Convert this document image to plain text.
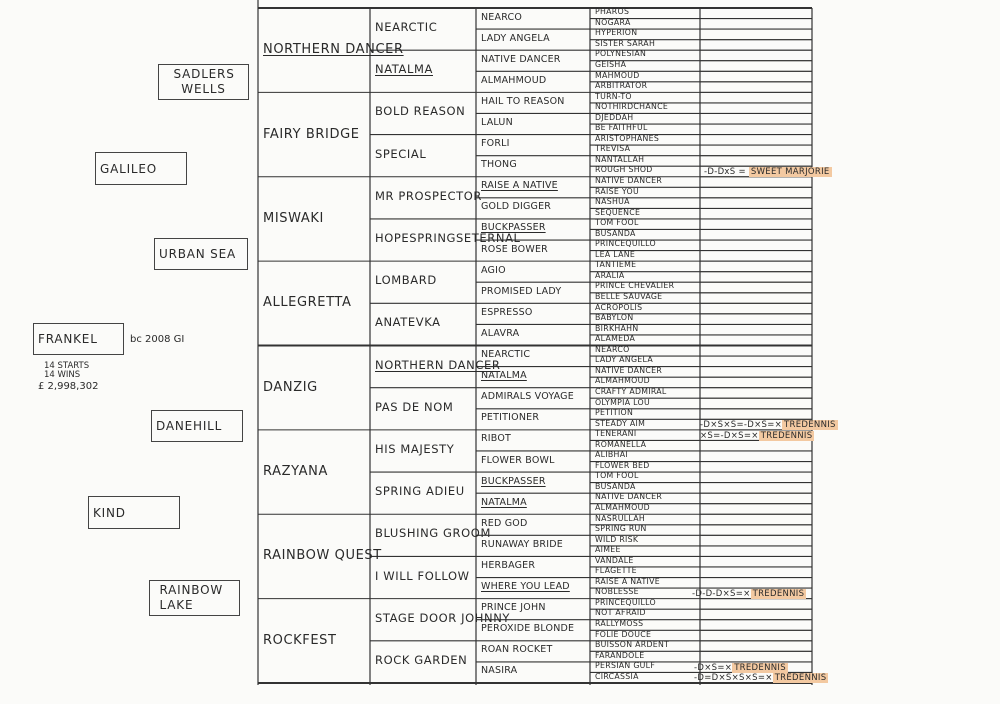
FRANKEL	bc 2008 GI
14 STARTS
14 WINS
£ 2,998,302
GALILEO
KIND
SADLERS WELLS
URBAN SEA
DANEHILL
RAINBOW LAKE
NORTHERN DANCER
FAIRY BRIDGE
MISWAKI
ALLEGRETTA
DANZIG
RAZYANA
RAINBOW QUEST
ROCKFEST
NEARCTIC
NATALMA
BOLD REASON
SPECIAL
MR PROSPECTOR
HOPESPRINGSETERNAL
LOMBARD
ANATEVKA
NORTHERN DANCER
PAS DE NOM
HIS MAJESTY
SPRING ADIEU
BLUSHING GROOM
I WILL FOLLOW
STAGE DOOR JOHNNY
ROCK GARDEN
NEARCO
LADY ANGELA
NATIVE DANCER
ALMAHMOUD
HAIL TO REASON
LALUN
FORLI
THONG
RAISE A NATIVE
GOLD DIGGER
BUCKPASSER
ROSE BOWER
AGIO
PROMISED LADY
ESPRESSO
ALAVRA
NEARCTIC
NATALMA
ADMIRALS VOYAGE
PETITIONER
RIBOT
FLOWER BOWL
BUCKPASSER
NATALMA
RED GOD
RUNAWAY BRIDE
HERBAGER
WHERE YOU LEAD
PRINCE JOHN
PEROXIDE BLONDE
ROAN ROCKET
NASIRA
PHAROS
NOGARA
HYPERION
SISTER SARAH
POLYNESIAN
GEISHA
MAHMOUD
ARBITRATOR
TURN-TO
NOTHIRDCHANCE
DJEDDAH
BE FAITHFUL
ARISTOPHANES
TREVISA
NANTALLAH
ROUGH SHOD
NATIVE DANCER
RAISE YOU
NASHUA
SEQUENCE
TOM FOOL
BUSANDA
PRINCEQUILLO
LEA LANE
TANTIEME
ARALIA
PRINCE CHEVALIER
BELLE SAUVAGE
ACROPOLIS
BABYLON
BIRKHAHN
ALAMEDA
NEARCO
LADY ANGELA
NATIVE DANCER
ALMAHMOUD
CRAFTY ADMIRAL
OLYMPIA LOU
PETITION
STEADY AIM
TENERANI
ROMANELLA
ALIBHAI
FLOWER BED
TOM FOOL
BUSANDA
NATIVE DANCER
ALMAHMOUD
NASRULLAH
SPRING RUN
WILD RISK
AIMEE
VANDALE
FLAGETTE
RAISE A NATIVE
NOBLESSE
PRINCEQUILLO
NOT AFRAID
RALLYMOSS
FOLIE DOUCE
BUISSON ARDENT
FARANDOLE
PERSIAN GULF
CIRCASSIA
-D-DxS = SWEET MARJORIE
-D×S×S=-D×S=× TREDENNIS
×S=-D×S=× TREDENNIS
-D-D-D×S=× TREDENNIS
-D×S=× TREDENNIS
-D=D×S×S×S=× TREDENNIS
